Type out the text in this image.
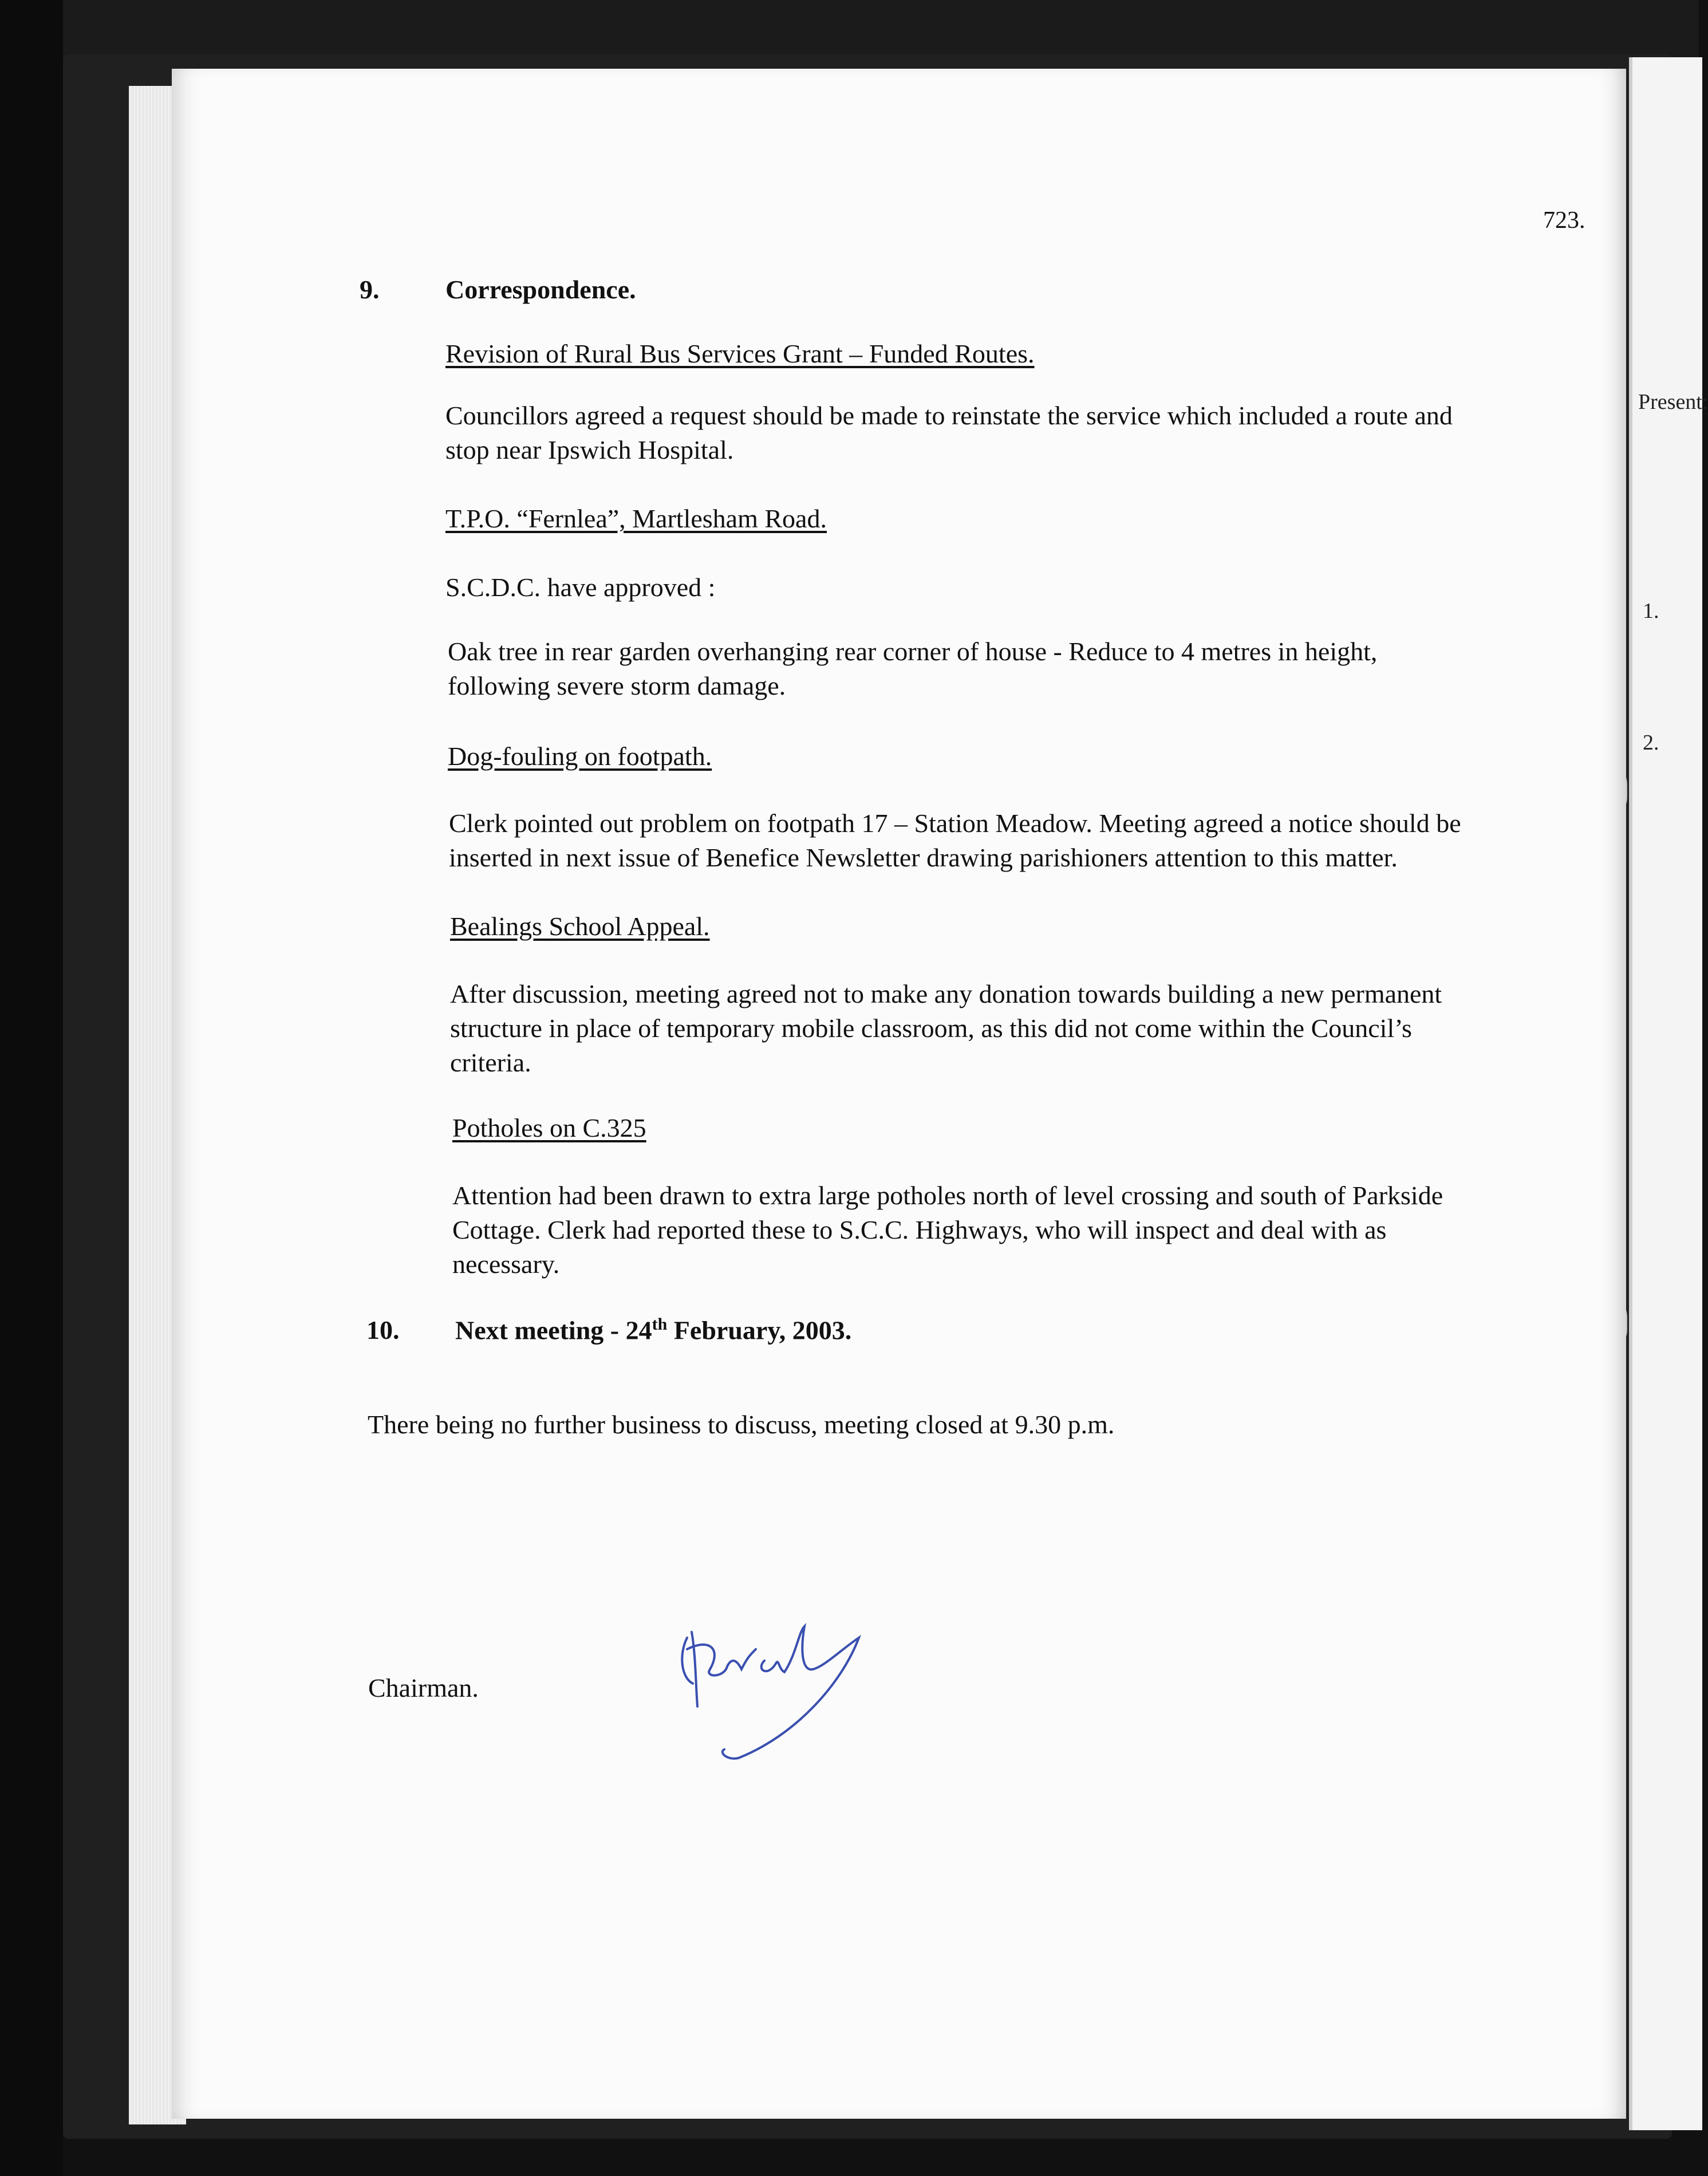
Present:
1.
2.
723.
9.	Correspondence.
Revision of Rural Bus Services Grant – Funded Routes.
Councillors agreed a request should be made to reinstate the service which included a route and
stop near Ipswich Hospital.
T.P.O. “Fernlea”, Martlesham Road.
S.C.D.C. have approved :
Oak tree in rear garden overhanging rear corner of house - Reduce to 4 metres in height,
following severe storm damage.
Dog-fouling on footpath.
Clerk pointed out problem on footpath 17 – Station Meadow. Meeting agreed a notice should be
inserted in next issue of Benefice Newsletter drawing parishioners attention to this matter.
Bealings School Appeal.
After discussion, meeting agreed not to make any donation towards building a new permanent
structure in place of temporary mobile classroom, as this did not come within the Council’s
criteria.
Potholes on C.325
Attention had been drawn to extra large potholes north of level crossing and south of Parkside
Cottage. Clerk had reported these to S.C.C. Highways, who will inspect and deal with as
necessary.
10. Next meeting - 24th February, 2003.
There being no further business to discuss, meeting closed at 9.30 p.m.
Chairman.
